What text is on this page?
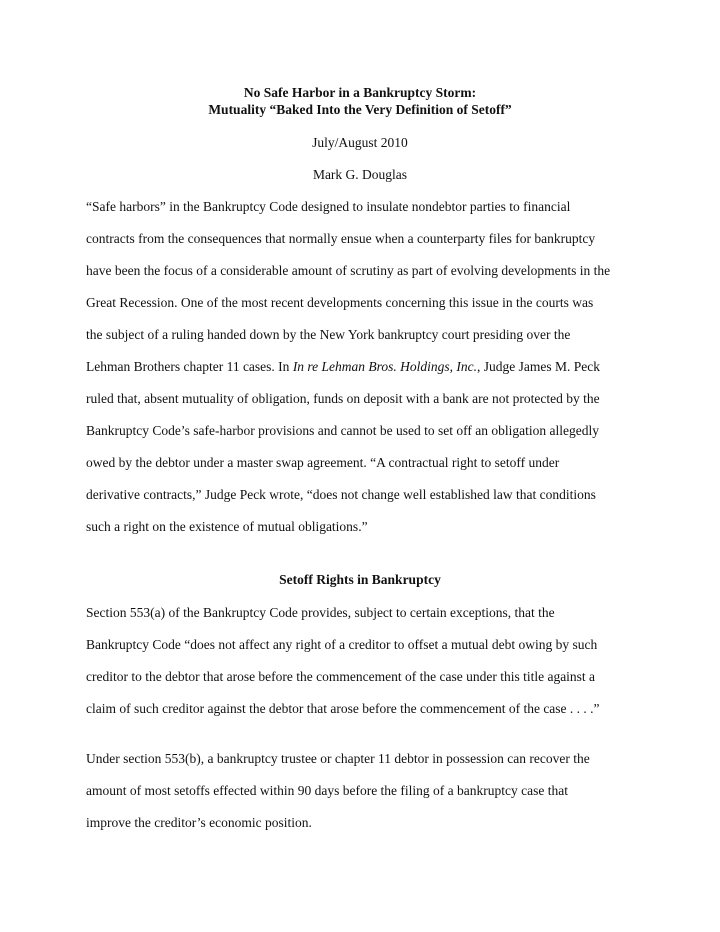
No Safe Harbor in a Bankruptcy Storm:

Mutuality “Baked Into the Very Definition of Setoff”

July/August 2010

Mark G. Douglas

“Safe harbors” in the Bankruptcy Code designed to insulate nondebtor parties to financial

contracts from the consequences that normally ensue when a counterparty files for bankruptcy

have been the focus of a considerable amount of scrutiny as part of evolving developments in the

Great Recession. One of the most recent developments concerning this issue in the courts was

the subject of a ruling handed down by the New York bankruptcy court presiding over the

Lehman Brothers chapter 11 cases. In In re Lehman Bros. Holdings, Inc., Judge James M. Peck

ruled that, absent mutuality of obligation, funds on deposit with a bank are not protected by the

Bankruptcy Code’s safe-harbor provisions and cannot be used to set off an obligation allegedly

owed by the debtor under a master swap agreement. “A contractual right to setoff under

derivative contracts,” Judge Peck wrote, “does not change well established law that conditions

such a right on the existence of mutual obligations.”

Setoff Rights in Bankruptcy

Section 553(a) of the Bankruptcy Code provides, subject to certain exceptions, that the

Bankruptcy Code “does not affect any right of a creditor to offset a mutual debt owing by such

creditor to the debtor that arose before the commencement of the case under this title against a

claim of such creditor against the debtor that arose before the commencement of the case . . . .”

Under section 553(b), a bankruptcy trustee or chapter 11 debtor in possession can recover the

amount of most setoffs effected within 90 days before the filing of a bankruptcy case that

improve the creditor’s economic position.
